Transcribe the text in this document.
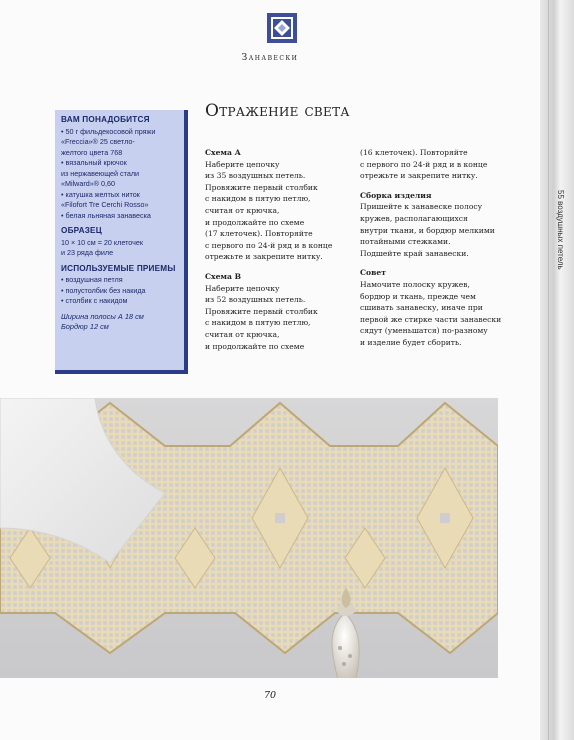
55 воздушных петель
Занавески
ВАМ ПОНАДОБИТСЯ
• 50 г фильдекосовой пряжи
«Freccia»® 25 светло-
желтого цвета 768
• вязальный крючок
из нержавеющей стали
«Milward»® 0,60
• катушка желтых ниток
«Filofort Tre Cerchi Rosso»
• белая льняная занавеска
ОБРАЗЕЦ
10 × 10 см = 20 клеточек
и 23 ряда филе
ИСПОЛЬЗУЕМЫЕ ПРИЕМЫ
• воздушная петля
• полустолбик без накида
• столбик с накидом
Ширина полосы А 18 см
Бордюр 12 см
Отражение света
Схема А

Наберите цепочку
из 35 воздушных петель.
Провяжите первый столбик
с накидом в пятую петлю,
считая от крючка,
и продолжайте по схеме
(17 клеточек). Повторяйте
с первого по 24-й ряд и в конце
отрежьте и закрепите нитку.

Схема В

Наберите цепочку
из 52 воздушных петель.
Провяжите первый столбик
с накидом в пятую петлю,
считая от крючка,
и продолжайте по схеме

(16 клеточек). Повторяйте
с первого по 24-й ряд и в конце
отрежьте и закрепите нитку.

Сборка изделия

Пришейте к занавеске полосу
кружев, располагающихся
внутри ткани, и бордюр мелкими
потайными стежками.
Подшейте край занавески.

Совет

Намочите полоску кружев,
бордюр и ткань, прежде чем
сшивать занавеску, иначе при
первой же стирке части занавески
сядут (уменьшатся) по-разному
и изделие будет сборить.

70
